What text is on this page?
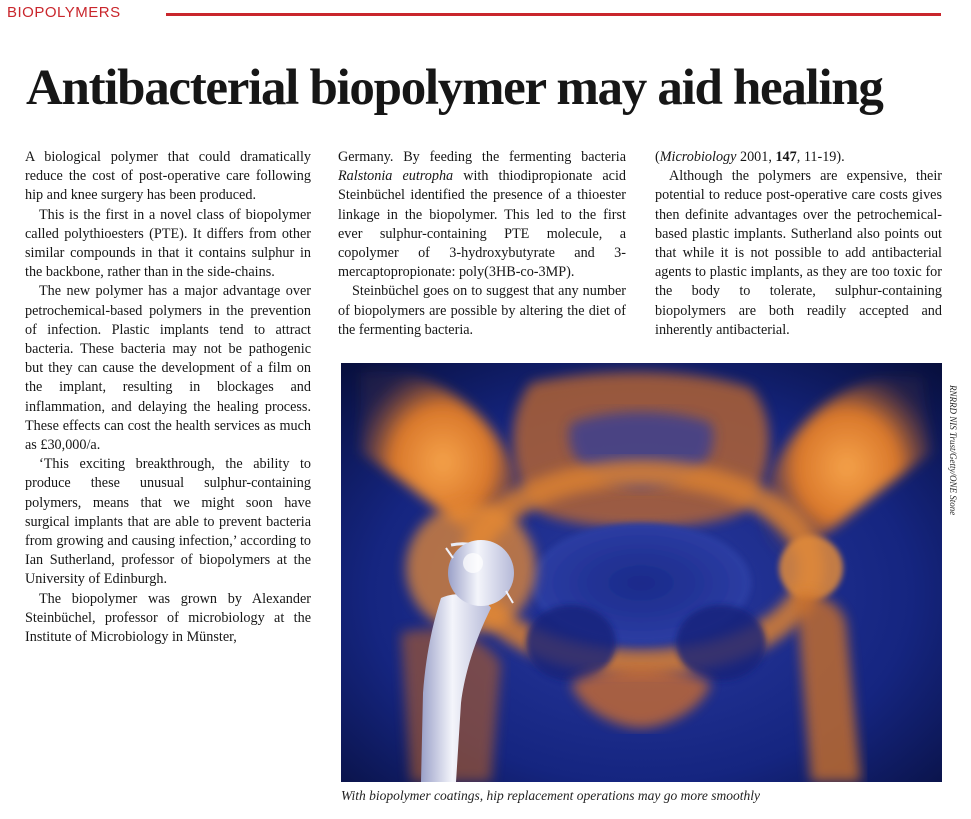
BIOPOLYMERS
Antibacterial biopolymer may aid healing

A biological polymer that could dramatically reduce the cost of post-operative care following hip and knee surgery has been produced.

This is the first in a novel class of biopolymer called polythioesters (PTE). It differs from other similar compounds in that it contains sulphur in the backbone, rather than in the side-chains.

The new polymer has a major advantage over petrochemical-based polymers in the prevention of infection. Plastic implants tend to attract bacteria. These bacteria may not be pathogenic but they can cause the development of a film on the implant, resulting in blockages and inflammation, and delaying the healing process. These effects can cost the health services as much as £30,000/a.

‘This exciting breakthrough, the ability to produce these unusual sulphur-containing polymers, means that we might soon have surgical implants that are able to prevent bacteria from growing and causing infection,’ according to Ian Sutherland, professor of biopolymers at the University of Edinburgh.

The biopolymer was grown by Alexander Steinbüchel, professor of microbiology at the Institute of Microbiology in Münster,

Germany. By feeding the fermenting bacteria Ralstonia eutropha with thiodipropionate acid Steinbüchel identified the presence of a thioester linkage in the biopolymer. This led to the first ever sulphur-containing PTE molecule, a copolymer of 3-hydroxybutyrate and 3-mercaptopropionate: poly(3HB-co-3MP).

Steinbüchel goes on to suggest that any number of biopolymers are possible by altering the diet of the fermenting bacteria.

(Microbiology 2001, 147, 11-19).

Although the polymers are expensive, their potential to reduce post-operative care costs gives then definite advantages over the petrochemical-based plastic implants. Sutherland also points out that while it is not possible to add antibacterial agents to plastic implants, as they are too toxic for the body to tolerate, sulphur-containing biopolymers are both readily accepted and inherently antibacterial.

RNRRD NIS Trust/Getty/ONE Stone
With biopolymer coatings, hip replacement operations may go more smoothly
